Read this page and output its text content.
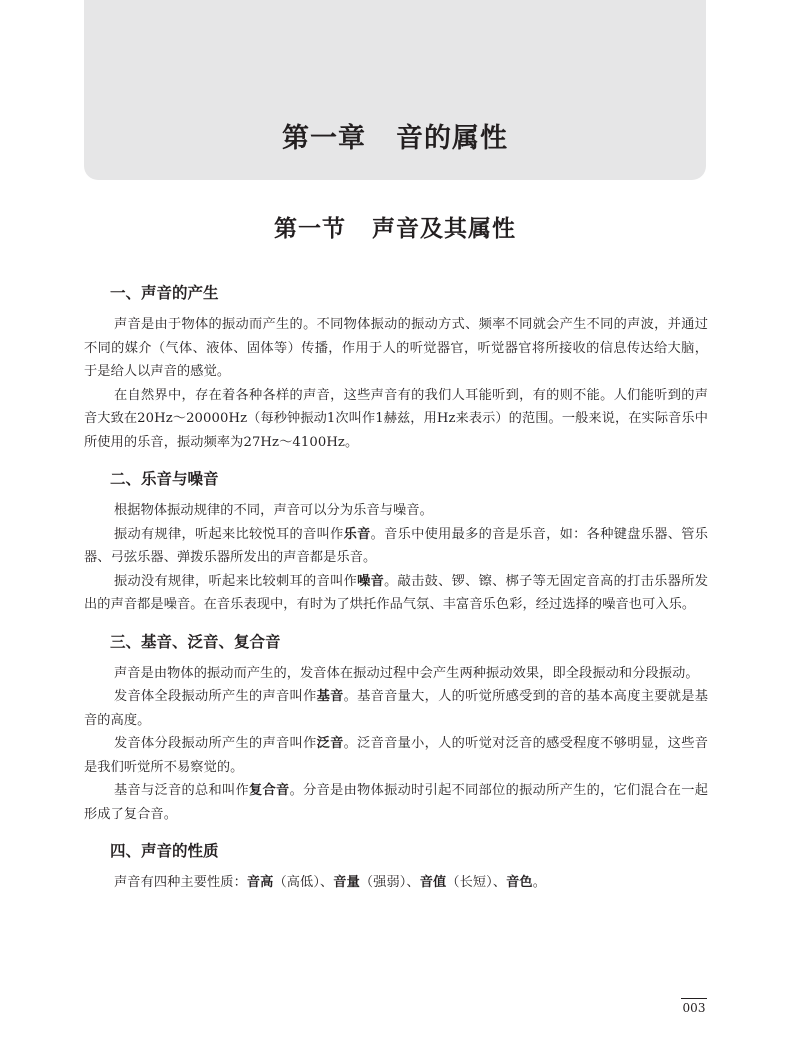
第一章 音的属性
第一节 声音及其属性
一、声音的产生

声音是由于物体的振动而产生的。不同物体振动的振动方式、频率不同就会产生不同的声波，并通过不同的媒介（气体、液体、固体等）传播，作用于人的听觉器官，听觉器官将所接收的信息传达给大脑，于是给人以声音的感觉。

在自然界中，存在着各种各样的声音，这些声音有的我们人耳能听到，有的则不能。人们能听到的声音大致在20Hz～20000Hz（每秒钟振动1次叫作1赫兹，用Hz来表示）的范围。一般来说，在实际音乐中所使用的乐音，振动频率为27Hz～4100Hz。

二、乐音与噪音

根据物体振动规律的不同，声音可以分为乐音与噪音。

振动有规律，听起来比较悦耳的音叫作乐音。音乐中使用最多的音是乐音，如：各种键盘乐器、管乐器、弓弦乐器、弹拨乐器所发出的声音都是乐音。

振动没有规律，听起来比较刺耳的音叫作噪音。敲击鼓、锣、镲、梆子等无固定音高的打击乐器所发出的声音都是噪音。在音乐表现中，有时为了烘托作品气氛、丰富音乐色彩，经过选择的噪音也可入乐。

三、基音、泛音、复合音

声音是由物体的振动而产生的，发音体在振动过程中会产生两种振动效果，即全段振动和分段振动。

发音体全段振动所产生的声音叫作基音。基音音量大，人的听觉所感受到的音的基本高度主要就是基音的高度。

发音体分段振动所产生的声音叫作泛音。泛音音量小，人的听觉对泛音的感受程度不够明显，这些音是我们听觉所不易察觉的。

基音与泛音的总和叫作复合音。分音是由物体振动时引起不同部位的振动所产生的，它们混合在一起形成了复合音。

四、声音的性质

声音有四种主要性质：音高（高低）、音量（强弱）、音值（长短）、音色。

003
